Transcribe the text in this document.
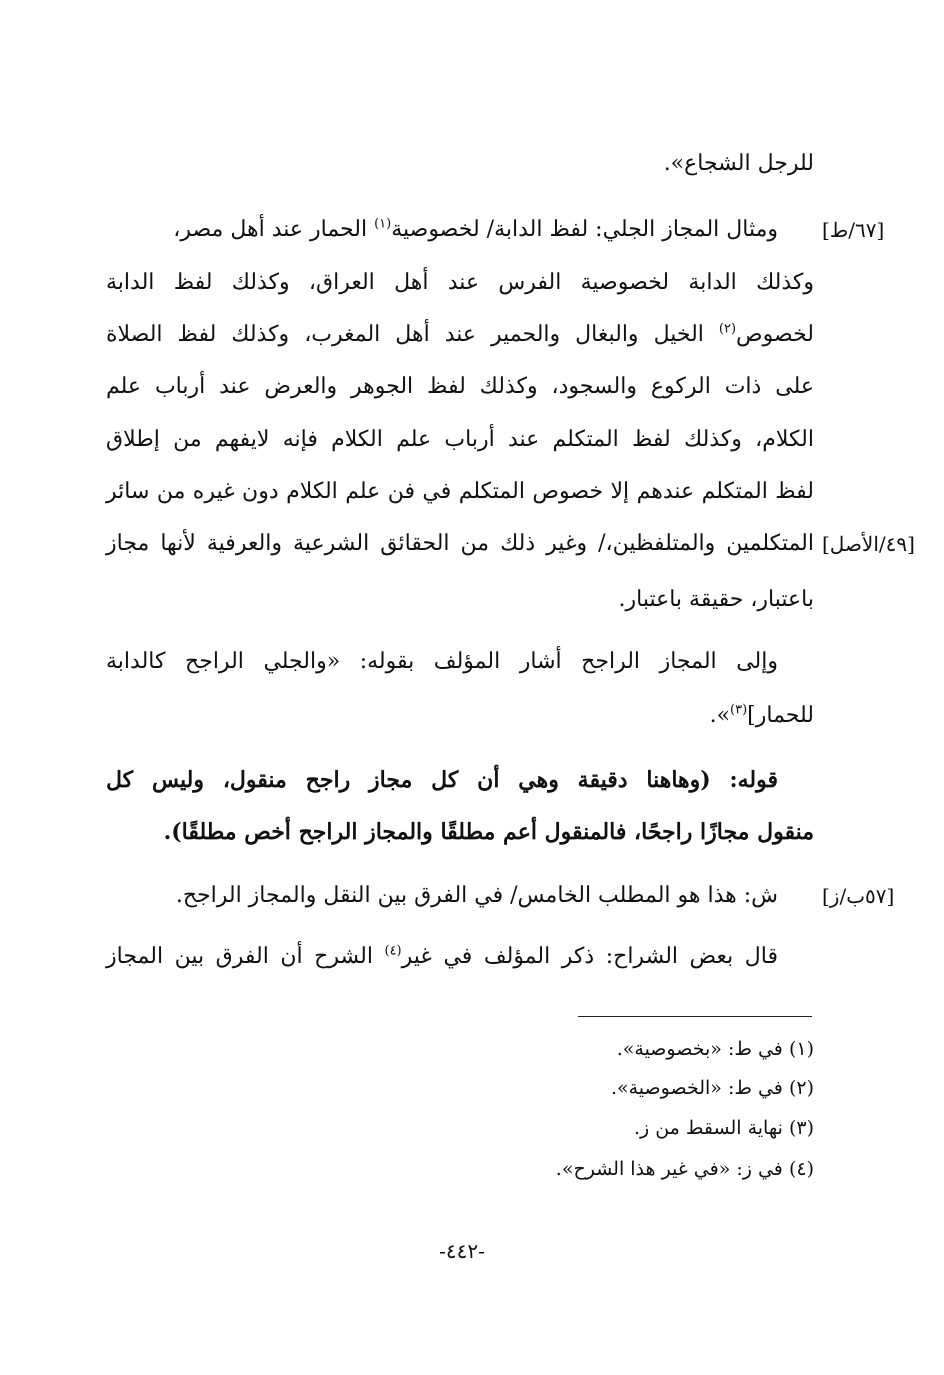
[٦٧/ط]
[٤٩/الأصل]
[٥٧ب/ز]
للرجل الشجاع».
ومثال المجاز الجلي: لفظ الدابة/ لخصوصية$^{(١)}$ الحمار عند أهل مصر،
وكذلك الدابة لخصوصية الفرس عند أهل العراق، وكذلك لفظ الدابة
لخصوص$^{(٢)}$ الخيل والبغال والحمير عند أهل المغرب، وكذلك لفظ الصلاة
على ذات الركوع والسجود، وكذلك لفظ الجوهر والعرض عند أرباب علم
الكلام، وكذلك لفظ المتكلم عند أرباب علم الكلام فإنه لايفهم من إطلاق
لفظ المتكلم عندهم إلا خصوص المتكلم في فن علم الكلام دون غيره من سائر
المتكلمين والمتلفظين،/ وغير ذلك من الحقائق الشرعية والعرفية لأنها مجاز
باعتبار، حقيقة باعتبار.
وإلى المجاز الراجح أشار المؤلف بقوله: «والجلي الراجح كالدابة
للحمار]$^{(٣)}$».
قوله: (وهاهنا دقيقة وهي أن كل مجاز راجح منقول، وليس كل
منقول مجازًا راجحًا، فالمنقول أعم مطلقًا والمجاز الراجح أخص مطلقًا).
ش: هذا هو المطلب الخامس/ في الفرق بين النقل والمجاز الراجح.
قال بعض الشراح: ذكر المؤلف في غير$^{(٤)}$ الشرح أن الفرق بين المجاز
(١) في ط: «بخصوصية».
(٢) في ط: «الخصوصية».
(٣) نهاية السقط من ز.
(٤) في ز: «في غير هذا الشرح».
-٤٤٢-
